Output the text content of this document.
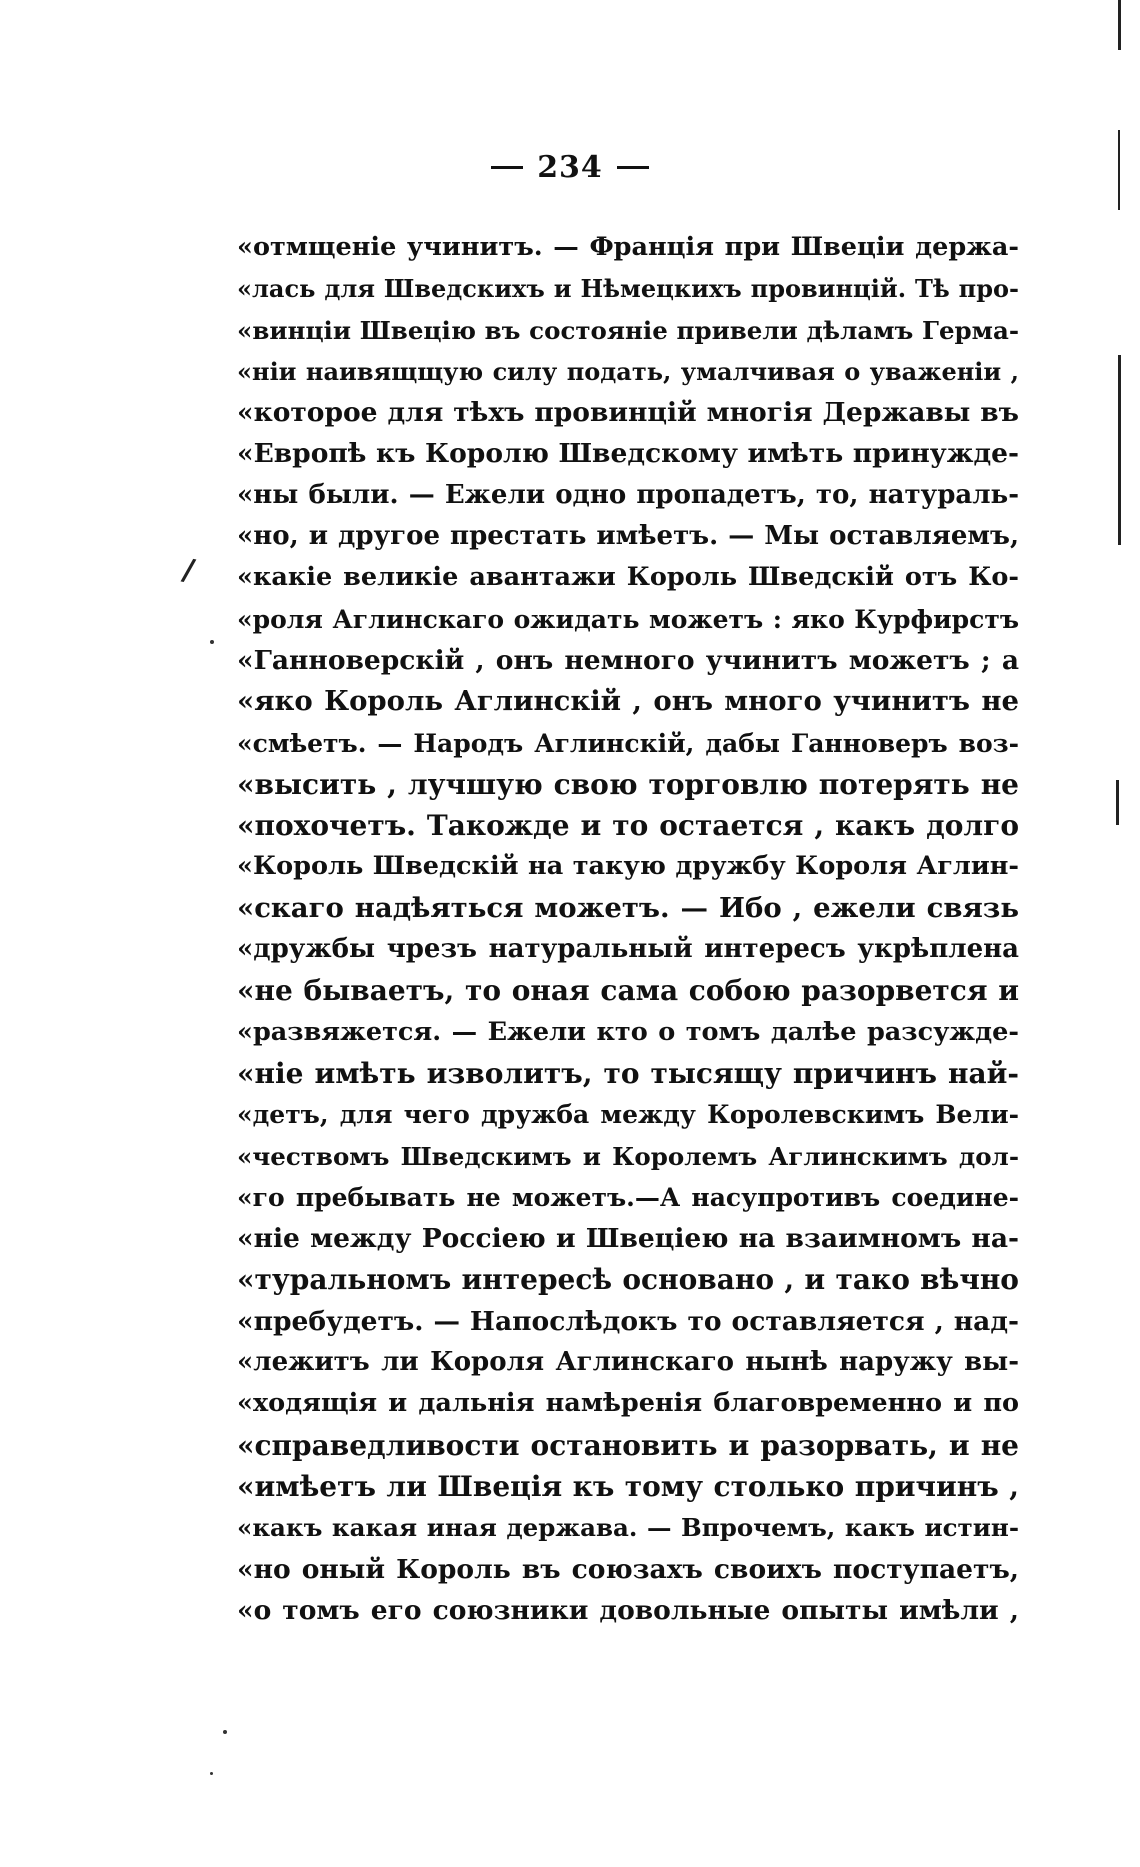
234
«отмщеніе учинитъ. — Франція при Швеціи держа-
«лась для Шведскихъ и Нѣмецкихъ провинцій. Тѣ про-
«винціи Швецію въ состояніе привели дѣламъ Герма-
«ніи наивящщую силу подать, умалчивая о уваженіи ,
«которое для тѣхъ провинцій многія Державы въ
«Европѣ къ Королю Шведскому имѣть принужде-
«ны были. — Ежели одно пропадетъ, то, натураль-
«но, и другое престать имѣетъ. — Мы оставляемъ,
«какіе великіе авантажи Король Шведскій отъ Ко-
«роля Аглинскаго ожидать можетъ : яко Курфирстъ
«Ганноверскій , онъ немного учинитъ можетъ ; а
«яко Король Аглинскій , онъ много учинитъ не
«смѣетъ. — Народъ Аглинскій, дабы Ганноверъ воз-
«высить , лучшую свою торговлю потерять не
«похочетъ. Такожде и то остается , какъ долго
«Король Шведскій на такую дружбу Короля Аглин-
«скаго надѣяться можетъ. — Ибо , ежели связь
«дружбы чрезъ натуральный интересъ укрѣплена
«не бываетъ, то оная сама собою разорвется и
«развяжется. — Ежели кто о томъ далѣе разсужде-
«ніе имѣть изволитъ, то тысящу причинъ най-
«детъ, для чего дружба между Королевскимъ Вели-
«чествомъ Шведскимъ и Королемъ Аглинскимъ дол-
«го пребывать не можетъ.—А насупротивъ соедине-
«ніе между Россіею и Швеціею на взаимномъ на-
«туральномъ интересѣ основано , и тако вѣчно
«пребудетъ. — Напослѣдокъ то оставляется , над-
«лежитъ ли Короля Аглинскаго нынѣ наружу вы-
«ходящія и дальнія намѣренія благовременно и по
«справедливости остановить и разорвать, и не
«имѣетъ ли Швеція къ тому столько причинъ ,
«какъ какая иная держава. — Впрочемъ, какъ истин-
«но оный Король въ союзахъ своихъ поступаетъ,
«о томъ его союзники довольные опыты имѣли ,
/
